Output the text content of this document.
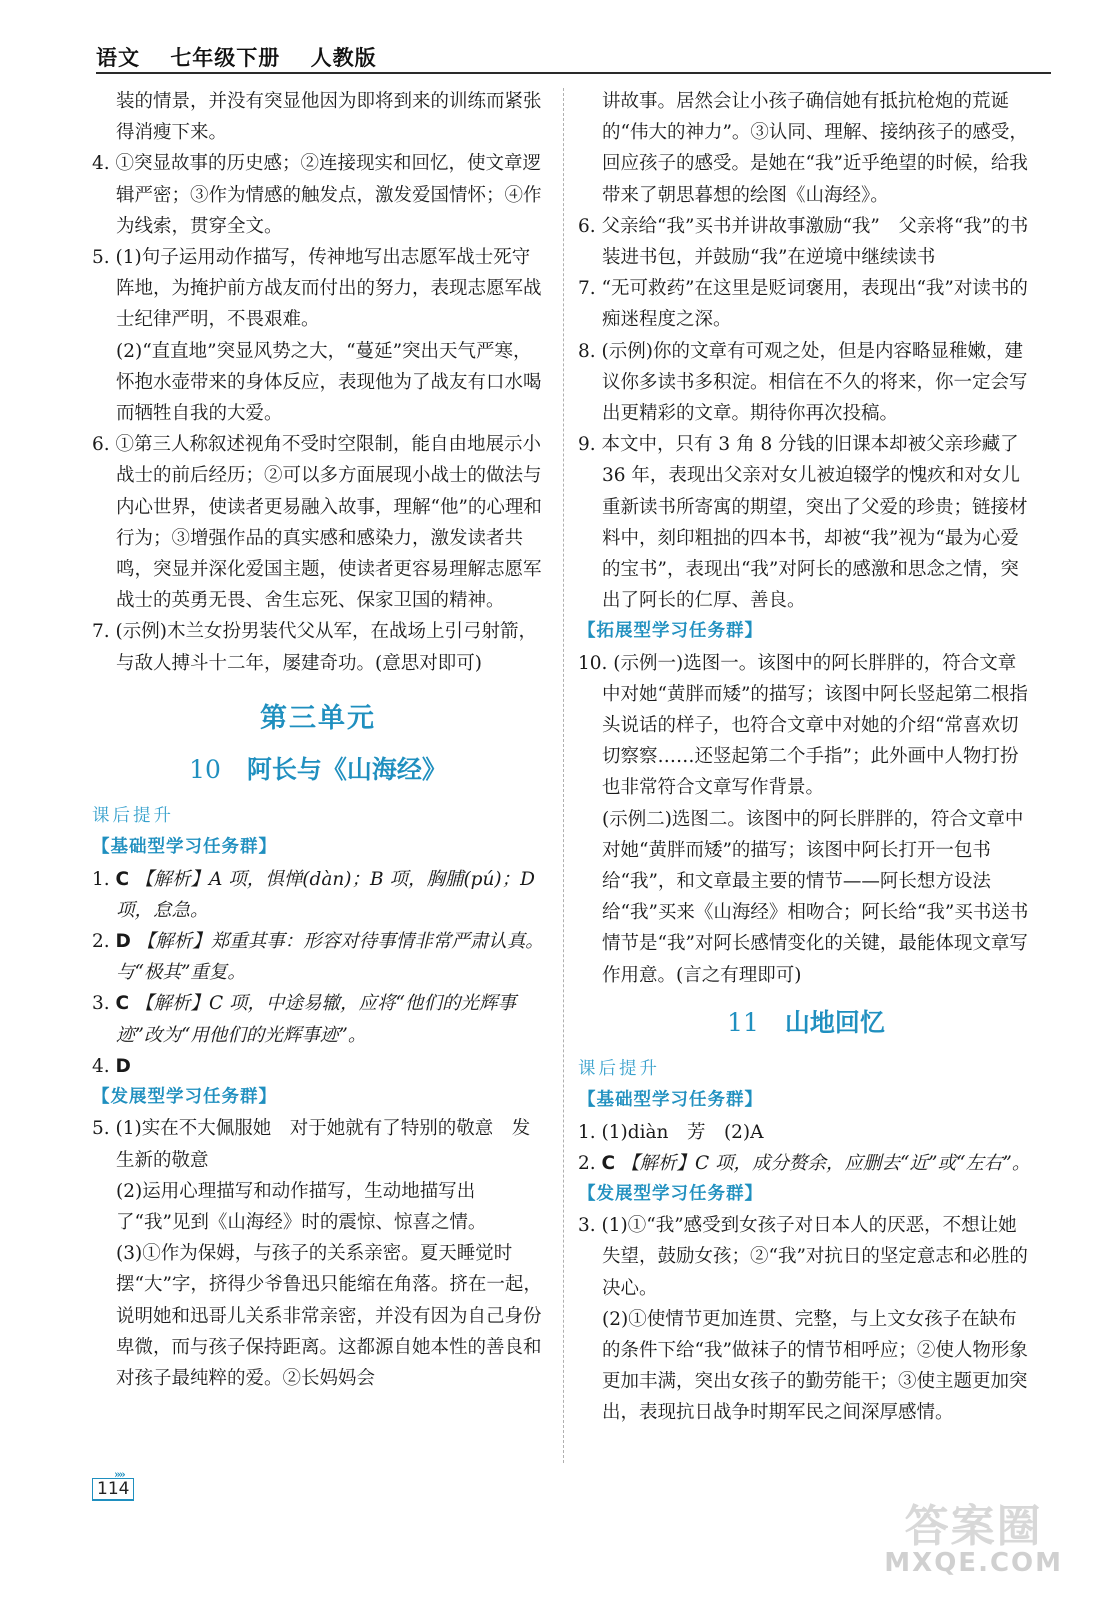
语文 七年级下册 人教版

装的情景，并没有突显他因为即将到来的训练而紧张得消瘦下来。

4. ①突显故事的历史感；②连接现实和回忆，使文章逻辑严密；③作为情感的触发点，激发爱国情怀；④作为线索，贯穿全文。

5. (1)句子运用动作描写，传神地写出志愿军战士死守阵地，为掩护前方战友而付出的努力，表现志愿军战士纪律严明，不畏艰难。

(2)“直直地”突显风势之大，“蔓延”突出天气严寒，怀抱水壶带来的身体反应，表现他为了战友有口水喝而牺牲自我的大爱。

6. ①第三人称叙述视角不受时空限制，能自由地展示小战士的前后经历；②可以多方面展现小战士的做法与内心世界，使读者更易融入故事，理解“他”的心理和行为；③增强作品的真实感和感染力，激发读者共鸣，突显并深化爱国主题，使读者更容易理解志愿军战士的英勇无畏、舍生忘死、保家卫国的精神。

7. (示例)木兰女扮男装代父从军，在战场上引弓射箭，与敌人搏斗十二年，屡建奇功。(意思对即可)

第三单元
10 阿长与《山海经》

课后提升

【基础型学习任务群】

1. C 【解析】A 项，惧惮(dàn)；B 项，胸脯(pú)；D 项，怠急。

2. D 【解析】郑重其事：形容对待事情非常严肃认真。与“极其”重复。

3. C 【解析】C 项，中途易辙，应将“他们的光辉事迹”改为“用他们的光辉事迹”。

4. D

【发展型学习任务群】

5. (1)实在不大佩服她　对于她就有了特别的敬意　发生新的敬意

(2)运用心理描写和动作描写，生动地描写出了“我”见到《山海经》时的震惊、惊喜之情。

(3)①作为保姆，与孩子的关系亲密。夏天睡觉时摆“大”字，挤得少爷鲁迅只能缩在角落。挤在一起，说明她和迅哥儿关系非常亲密，并没有因为自己身份卑微，而与孩子保持距离。这都源自她本性的善良和对孩子最纯粹的爱。②长妈妈会

讲故事。居然会让小孩子确信她有抵抗枪炮的荒诞的“伟大的神力”。③认同、理解、接纳孩子的感受，回应孩子的感受。是她在“我”近乎绝望的时候，给我带来了朝思暮想的绘图《山海经》。

6. 父亲给“我”买书并讲故事激励“我”　父亲将“我”的书装进书包，并鼓励“我”在逆境中继续读书

7. “无可救药”在这里是贬词褒用，表现出“我”对读书的痴迷程度之深。

8. (示例)你的文章有可观之处，但是内容略显稚嫩，建议你多读书多积淀。相信在不久的将来，你一定会写出更精彩的文章。期待你再次投稿。

9. 本文中，只有 3 角 8 分钱的旧课本却被父亲珍藏了 36 年，表现出父亲对女儿被迫辍学的愧疚和对女儿重新读书所寄寓的期望，突出了父爱的珍贵；链接材料中，刻印粗拙的四本书，却被“我”视为“最为心爱的宝书”，表现出“我”对阿长的感激和思念之情，突出了阿长的仁厚、善良。

【拓展型学习任务群】

10. (示例一)选图一。该图中的阿长胖胖的，符合文章中对她“黄胖而矮”的描写；该图中阿长竖起第二根指头说话的样子，也符合文章中对她的介绍“常喜欢切切察察……还竖起第二个手指”；此外画中人物打扮也非常符合文章写作背景。

(示例二)选图二。该图中的阿长胖胖的，符合文章中对她“黄胖而矮”的描写；该图中阿长打开一包书给“我”，和文章最主要的情节——阿长想方设法给“我”买来《山海经》相吻合；阿长给“我”买书送书情节是“我”对阿长感情变化的关键，最能体现文章写作用意。(言之有理即可)

11 山地回忆

课后提升

【基础型学习任务群】

1. (1)diàn　芳　(2)A

2. C 【解析】C 项，成分赘余，应删去“近”或“左右”。

【发展型学习任务群】

3. (1)①“我”感受到女孩子对日本人的厌恶，不想让她失望，鼓励女孩；②“我”对抗日的坚定意志和必胜的决心。

(2)①使情节更加连贯、完整，与上文女孩子在缺布的条件下给“我”做袜子的情节相呼应；②使人物形象更加丰满，突出女孩子的勤劳能干；③使主题更加突出，表现抗日战争时期军民之间深厚感情。

»»
114
答案圈
MXQE.COM
